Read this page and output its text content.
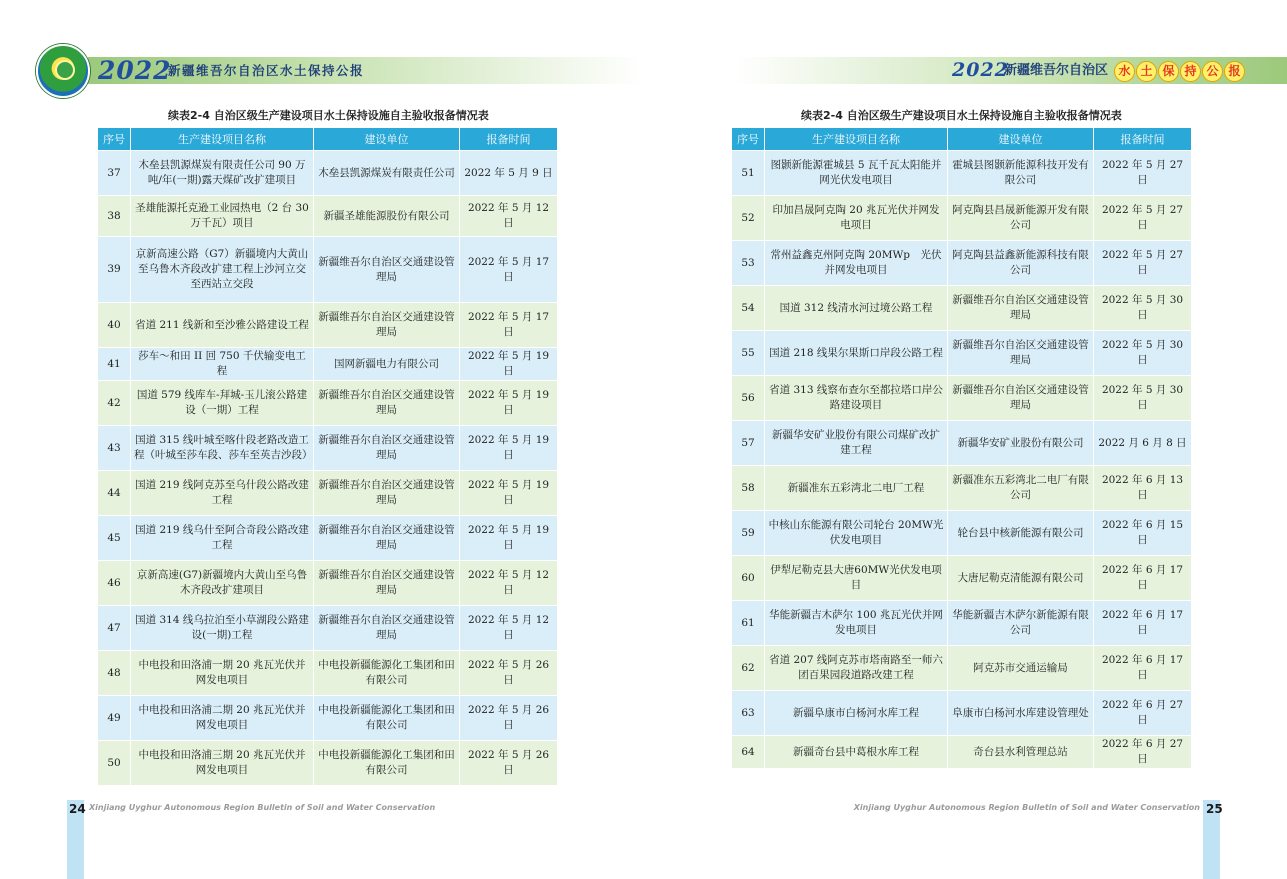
2022
新疆维吾尔自治区水土保持公报
续表2-4 自治区级生产建设项目水土保持设施自主验收报备情况表
序号	生产建设项目名称	建设单位	报备时间
37	木垒县凯源煤炭有限责任公司 90 万吨/年(一期)露天煤矿改扩建项目	木垒县凯源煤炭有限责任公司	2022 年 5 月 9 日
38	圣雄能源托克逊工业园热电（2 台 30 万千瓦）项目	新疆圣雄能源股份有限公司	2022 年 5 月 12 日
39	京新高速公路（G7）新疆境内大黄山至乌鲁木齐段改扩建工程上沙河立交至西站立交段	新疆维吾尔自治区交通建设管理局	2022 年 5 月 17 日
40	省道 211 线新和至沙雅公路建设工程	新疆维吾尔自治区交通建设管理局	2022 年 5 月 17 日
41	莎车～和田 II 回 750 千伏输变电工程	国网新疆电力有限公司	2022 年 5 月 19 日
42	国道 579 线库车-拜城-玉儿滚公路建设（一期）工程	新疆维吾尔自治区交通建设管理局	2022 年 5 月 19 日
43	国道 315 线叶城至喀什段老路改造工程（叶城至莎车段、莎车至英吉沙段）	新疆维吾尔自治区交通建设管理局	2022 年 5 月 19 日
44	国道 219 线阿克苏至乌什段公路改建工程	新疆维吾尔自治区交通建设管理局	2022 年 5 月 19 日
45	国道 219 线乌什至阿合奇段公路改建工程	新疆维吾尔自治区交通建设管理局	2022 年 5 月 19 日
46	京新高速(G7)新疆境内大黄山至乌鲁木齐段改扩建项目	新疆维吾尔自治区交通建设管理局	2022 年 5 月 12 日
47	国道 314 线乌拉泊至小草湖段公路建设(一期)工程	新疆维吾尔自治区交通建设管理局	2022 年 5 月 12 日
48	中电投和田洛浦一期 20 兆瓦光伏并网发电项目	中电投新疆能源化工集团和田有限公司	2022 年 5 月 26 日
49	中电投和田洛浦二期 20 兆瓦光伏并网发电项目	中电投新疆能源化工集团和田有限公司	2022 年 5 月 26 日
50	中电投和田洛浦三期 20 兆瓦光伏并网发电项目	中电投新疆能源化工集团和田有限公司	2022 年 5 月 26 日
24 Xinjiang Uyghur Autonomous Region Bulletin of Soil and Water Conservation
2022
新疆维吾尔自治区 水 土 保 持 公 报
续表2-4 自治区级生产建设项目水土保持设施自主验收报备情况表
序号	生产建设项目名称	建设单位	报备时间
51	图颢新能源霍城县 5 瓦千瓦太阳能并网光伏发电项目	霍城县图颢新能源科技开发有限公司	2022 年 5 月 27 日
52	印加昌晟阿克陶 20 兆瓦光伏并网发电项目	阿克陶县昌晟新能源开发有限公司	2022 年 5 月 27 日
53	常州益鑫克州阿克陶 20MWp　光伏并网发电项目	阿克陶县益鑫新能源科技有限公司	2022 年 5 月 27 日
54	国道 312 线清水河过境公路工程	新疆维吾尔自治区交通建设管理局	2022 年 5 月 30 日
55	国道 218 线果尔果斯口岸段公路工程	新疆维吾尔自治区交通建设管理局	2022 年 5 月 30 日
56	省道 313 线察布查尔至都拉塔口岸公路建设项目	新疆维吾尔自治区交通建设管理局	2022 年 5 月 30 日
57	新疆华安矿业股份有限公司煤矿改扩建工程	新疆华安矿业股份有限公司	2022 月 6 月 8 日
58	新疆准东五彩湾北二电厂工程	新疆准东五彩湾北二电厂有限公司	2022 年 6 月 13 日
59	中核山东能源有限公司轮台 20MW光伏发电项目	轮台县中核新能源有限公司	2022 年 6 月 15 日
60	伊犁尼勒克县大唐60MW光伏发电项目	大唐尼勒克清能源有限公司	2022 年 6 月 17 日
61	华能新疆吉木萨尔 100 兆瓦光伏并网发电项目	华能新疆吉木萨尔新能源有限公司	2022 年 6 月 17 日
62	省道 207 线阿克苏市塔南路至一师六团百果园段道路改建工程	阿克苏市交通运输局	2022 年 6 月 17 日
63	新疆阜康市白杨河水库工程	阜康市白杨河水库建设管理处	2022 年 6 月 27 日
64	新疆奇台县中葛根水库工程	奇台县水利管理总站	2022 年 6 月 27 日
25
Xinjiang Uyghur Autonomous Region Bulletin of Soil and Water Conservation
